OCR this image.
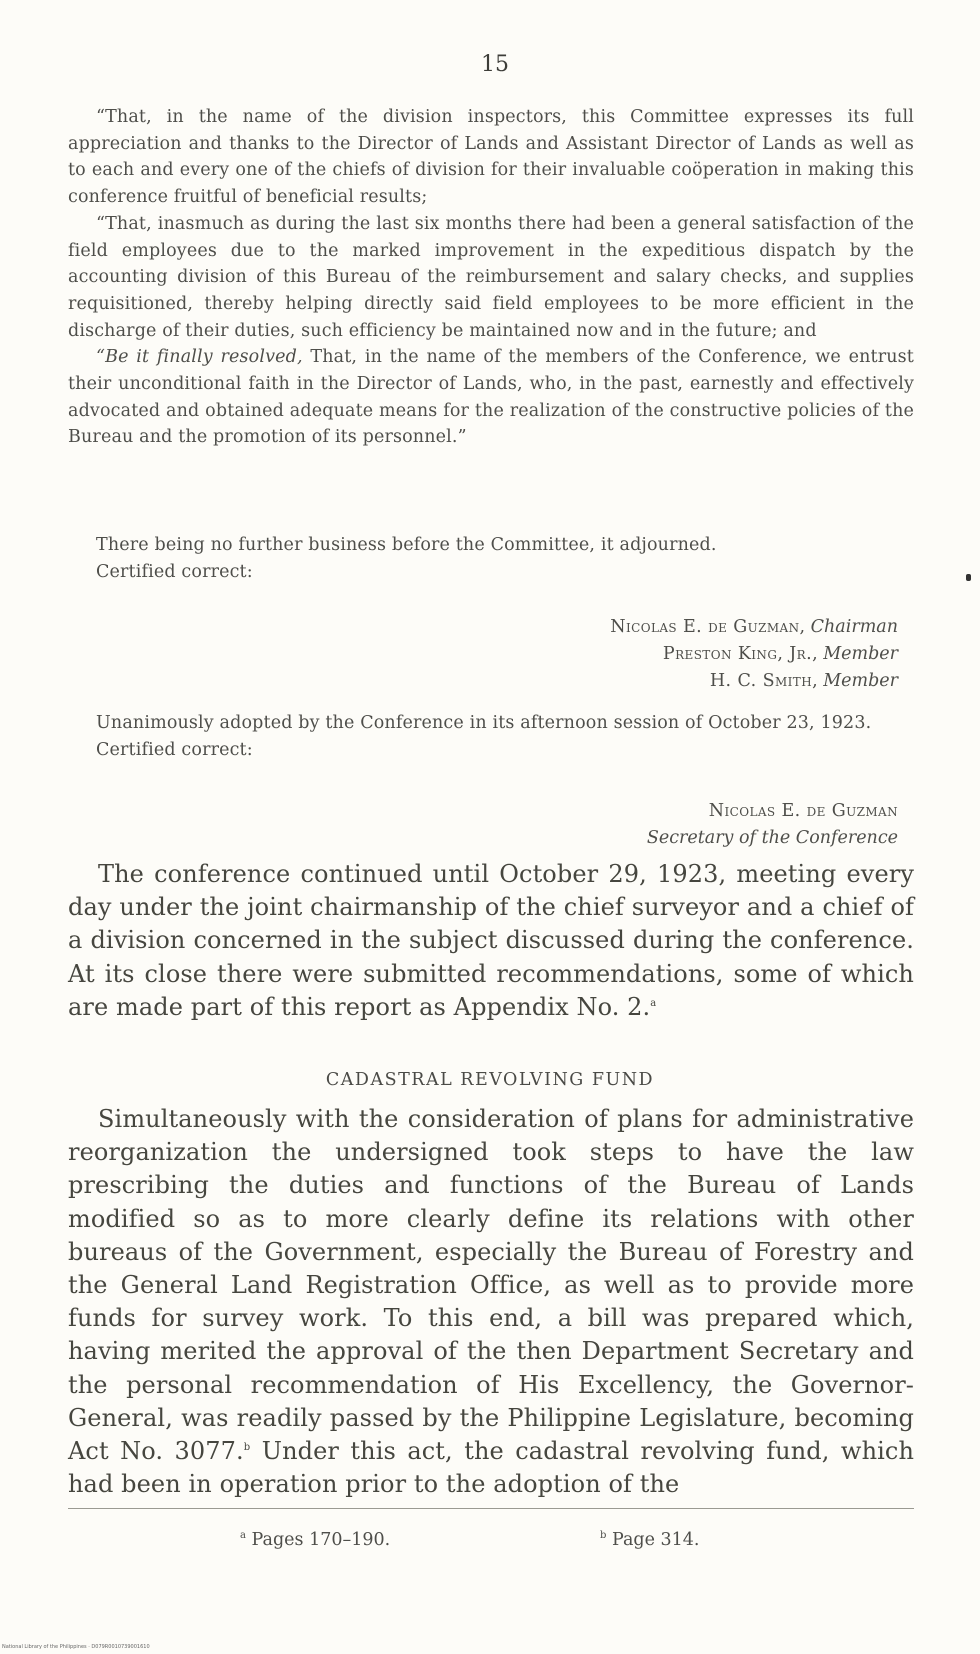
15

“That, in the name of the division inspectors, this Committee expresses its full appreciation and thanks to the Director of Lands and Assistant Director of Lands as well as to each and every one of the chiefs of division for their invaluable coöperation in making this conference fruitful of beneficial results;

“That, inasmuch as during the last six months there had been a general satisfaction of the field employees due to the marked improvement in the expeditious dispatch by the accounting division of this Bureau of the reimbursement and salary checks, and supplies requisitioned, thereby helping directly said field employees to be more efficient in the discharge of their duties, such efficiency be maintained now and in the future; and

“Be it finally resolved, That, in the name of the members of the Conference, we entrust their unconditional faith in the Director of Lands, who, in the past, earnestly and effectively advocated and obtained adequate means for the realization of the constructive policies of the Bureau and the promotion of its personnel.”

There being no further business before the Committee, it adjourned.

Certified correct:

Nicolas E. de Guzman, Chairman
Preston King, Jr., Member
H. C. Smith, Member

Unanimously adopted by the Conference in its afternoon session of October 23, 1923.

Certified correct:

Nicolas E. de Guzman
Secretary of the Conference

The conference continued until October 29, 1923, meeting every day under the joint chairmanship of the chief surveyor and a chief of a division concerned in the subject discussed during the conference. At its close there were submitted recommendations, some of which are made part of this report as Appendix No. 2.$^a$

CADASTRAL REVOLVING FUND

Simultaneously with the consideration of plans for administrative reorganization the undersigned took steps to have the law prescribing the duties and functions of the Bureau of Lands modified so as to more clearly define its relations with other bureaus of the Government, especially the Bureau of Forestry and the General Land Registration Office, as well as to provide more funds for survey work. To this end, a bill was prepared which, having merited the approval of the then Department Secretary and the personal recommendation of His Excellency, the Governor-General, was readily passed by the Philippine Legislature, becoming Act No. 3077.$^b$ Under this act, the cadastral revolving fund, which had been in operation prior to the adoption of the

$^a$ Pages 170–190.	$^b$ Page 314.
National Library of the Philippines · D079R0010739001610
